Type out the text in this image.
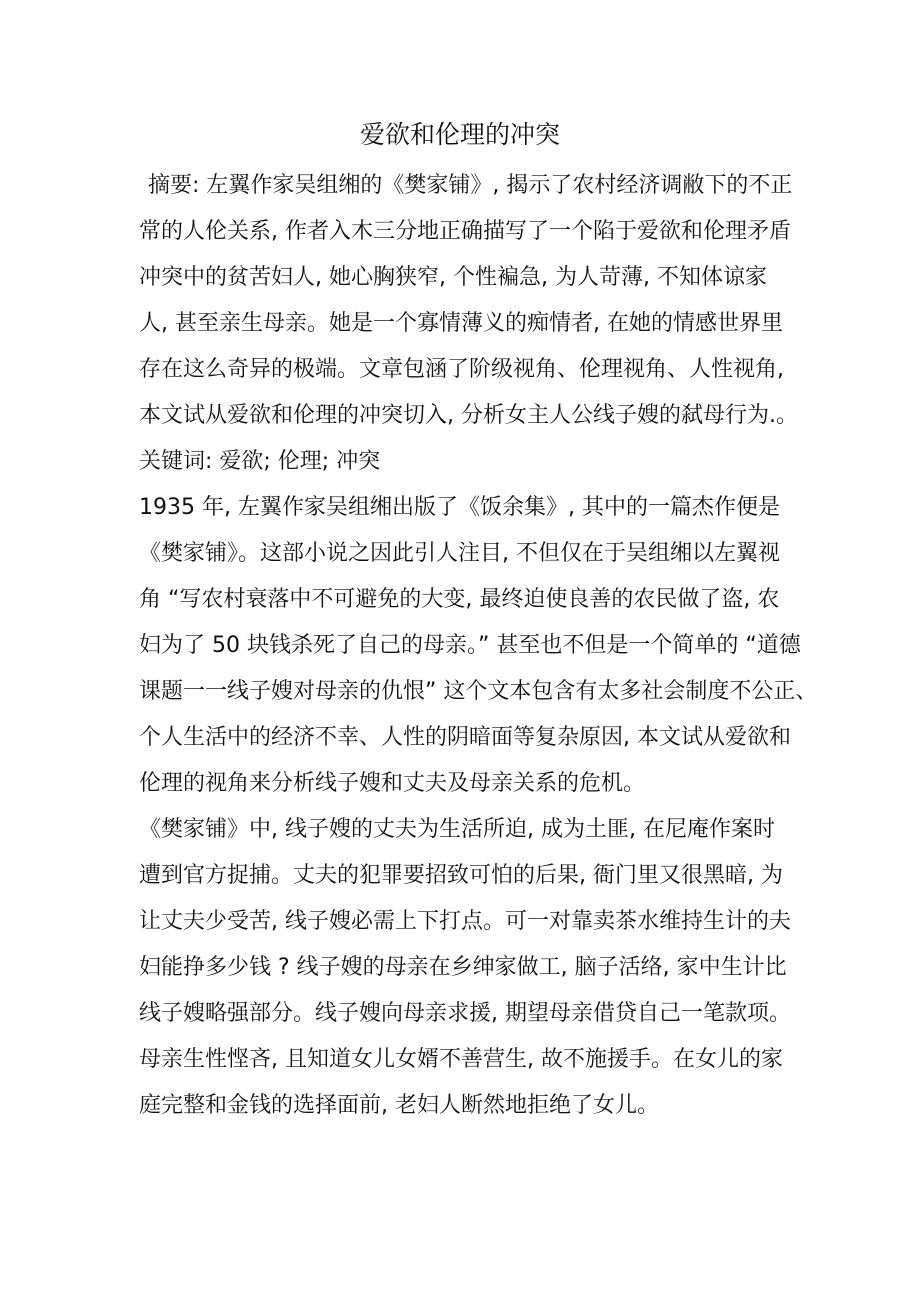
爱欲和伦理的冲突
摘要: 左翼作家吴组缃的《樊家铺》, 揭示了农村经济调敝下的不正
常的人伦关系, 作者入木三分地正确描写了一个陷于爱欲和伦理矛盾
冲突中的贫苦妇人, 她心胸狭窄, 个性褊急, 为人苛薄, 不知体谅家
人, 甚至亲生母亲。她是一个寡情薄义的痴情者, 在她的情感世界里
存在这么奇异的极端。文章包涵了阶级视角、伦理视角、人性视角,
本文试从爱欲和伦理的冲突切入, 分析女主人公线子嫂的弑母行为.。
关键词: 爱欲; 伦理; 冲突
1935 年, 左翼作家吴组缃出版了《饭余集》, 其中的一篇杰作便是
《樊家铺》。这部小说之因此引人注目, 不但仅在于吴组缃以左翼视
角 “写农村衰落中不可避免的大变, 最终迫使良善的农民做了盗, 农
妇为了 50 块钱杀死了自己的母亲。” 甚至也不但是一个简单的 “道德
课题一一线子嫂对母亲的仇恨” 这个文本包含有太多社会制度不公正、
个人生活中的经济不幸、人性的阴暗面等复杂原因, 本文试从爱欲和
伦理的视角来分析线子嫂和丈夫及母亲关系的危机。
《樊家铺》中, 线子嫂的丈夫为生活所迫, 成为土匪, 在尼庵作案时
遭到官方捉捕。丈夫的犯罪要招致可怕的后果, 衙门里又很黑暗, 为
让丈夫少受苦, 线子嫂必需上下打点。可一对靠卖茶水维持生计的夫
妇能挣多少钱 ? 线子嫂的母亲在乡绅家做工, 脑子活络, 家中生计比
线子嫂略强部分。线子嫂向母亲求援, 期望母亲借贷自己一笔款项。
母亲生性悭吝, 且知道女儿女婿不善营生, 故不施援手。在女儿的家
庭完整和金钱的选择面前, 老妇人断然地拒绝了女儿。
